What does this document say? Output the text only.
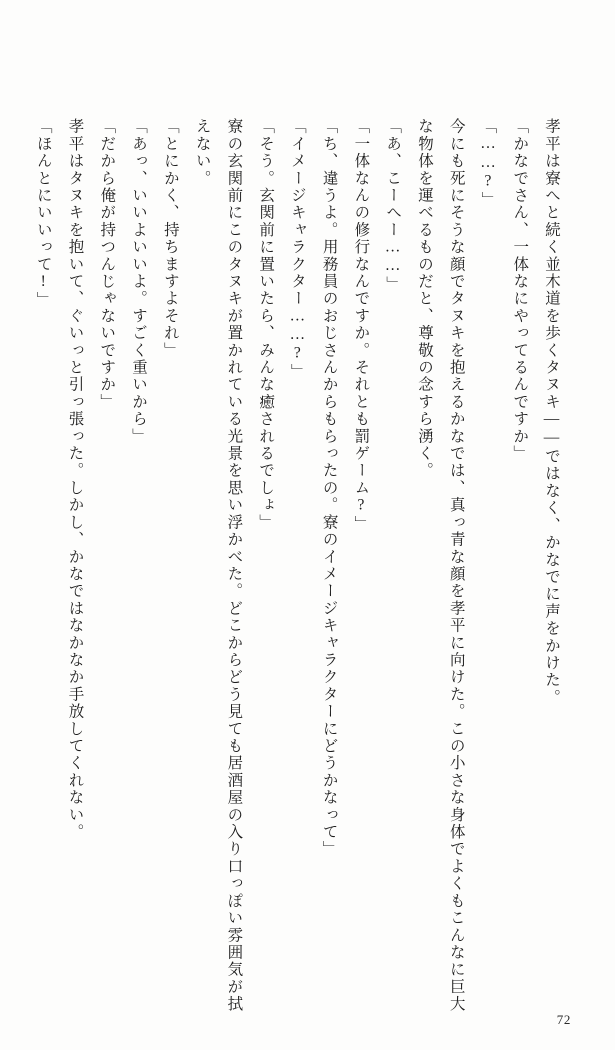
孝平は寮へと続く並木道を歩くタヌキ——ではなく、かなでに声をかけた。

「かなでさん、一体なにやってるんですか」

「……?」

今にも死にそうな顔でタヌキを抱えるかなでは、真っ青な顔を孝平に向けた。この小さな身体でよくもこんなに巨大な物体を運べるものだと、尊敬の念すら湧く。

「あ、こーへー……」

「一体なんの修行なんですか。それとも罰ゲーム?」

「ち、違うよ。用務員のおじさんからもらったの。寮のイメージキャラクターにどうかなって」

「イメージキャラクター……?」

「そう。玄関前に置いたら、みんな癒されるでしょ」

寮の玄関前にこのタヌキが置かれている光景を思い浮かべた。どこからどう見ても居酒屋の入り口っぽい雰囲気が拭えない。

「とにかく、持ちますよそれ」

「あっ、いいよいいよ。すごく重いから」

「だから俺が持つんじゃないですか」

孝平はタヌキを抱いて、ぐいっと引っ張った。しかし、かなではなかなか手放してくれない。

「ほんとにいいって!」

72
